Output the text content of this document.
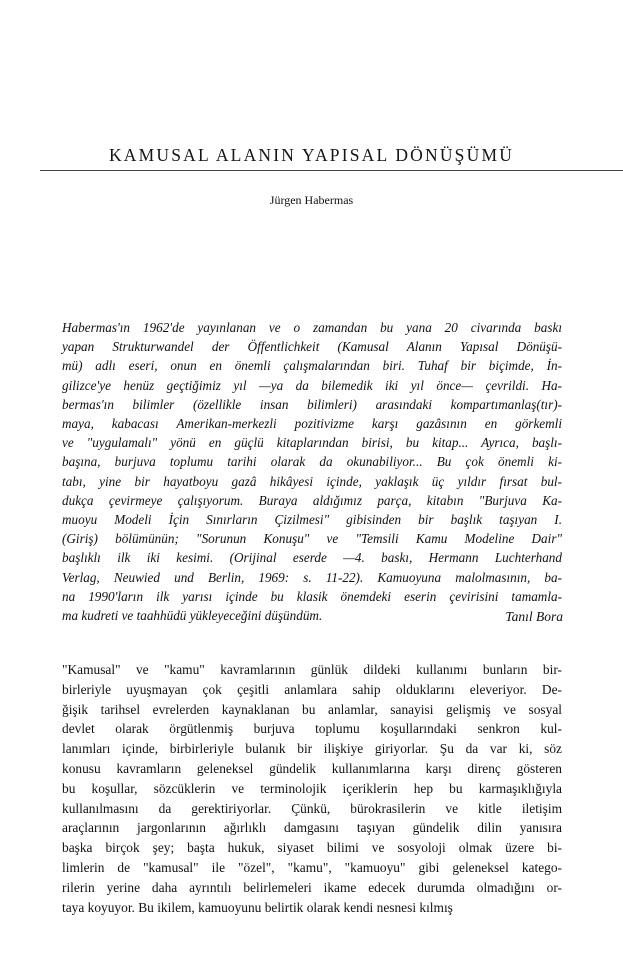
KAMUSAL ALANIN YAPISAL DÖNÜŞÜMÜ
Jürgen Habermas
Habermas'ın 1962'de yayınlanan ve o zamandan bu yana 20 civarında baskı
yapan Strukturwandel der Öffentlichkeit (Kamusal Alanın Yapısal Dönüşü-
mü) adlı eseri, onun en önemli çalışmalarından biri. Tuhaf bir biçimde, İn-
gilizce'ye henüz geçtiğimiz yıl —ya da bilemedik iki yıl önce— çevrildi. Ha-
bermas'ın bilimler (özellikle insan bilimleri) arasındaki kompartımanlaş(tır)-
maya, kabacası Amerikan-merkezli pozitivizme karşı gazâsının en görkemli
ve "uygulamalı" yönü en güçlü kitaplarından birisi, bu kitap... Ayrıca, başlı-
başına, burjuva toplumu tarihi olarak da okunabiliyor... Bu çok önemli ki-
tabı, yine bir hayatboyu gazâ hikâyesi içinde, yaklaşık üç yıldır fırsat bul-
dukça çevirmeye çalışıyorum. Buraya aldığımız parça, kitabın "Burjuva Ka-
muoyu Modeli İçin Sınırların Çizilmesi" gibisinden bir başlık taşıyan I.
(Giriş) bölümünün; "Sorunun Konuşu" ve "Temsili Kamu Modeline Dair"
başlıklı ilk iki kesimi. (Orijinal eserde —4. baskı, Hermann Luchterhand
Verlag, Neuwied und Berlin, 1969: s. 11-22). Kamuoyuna malolmasının, ba-
na 1990'ların ilk yarısı içinde bu klasik önemdeki eserin çevirisini tamamla-
ma kudreti ve taahhüdü yükleyeceğini düşündüm.	Tanıl Bora
"Kamusal" ve "kamu" kavramlarının günlük dildeki kullanımı bunların bir-
birleriyle uyuşmayan çok çeşitli anlamlara sahip olduklarını eleveriyor. De-
ğişik tarihsel evrelerden kaynaklanan bu anlamlar, sanayisi gelişmiş ve sosyal
devlet olarak örgütlenmiş burjuva toplumu koşullarındaki senkron kul-
lanımları içinde, birbirleriyle bulanık bir ilişkiye giriyorlar. Şu da var ki, söz
konusu kavramların geleneksel gündelik kullanımlarına karşı direnç gösteren
bu koşullar, sözcüklerin ve terminolojik içeriklerin hep bu karmaşıklığıyla
kullanılmasını da gerektiriyorlar. Çünkü, bürokrasilerin ve kitle iletişim
araçlarının jargonlarının ağırlıklı damgasını taşıyan gündelik dilin yanısıra
başka birçok şey; başta hukuk, siyaset bilimi ve sosyoloji olmak üzere bi-
limlerin de "kamusal" ile "özel", "kamu", "kamuoyu" gibi geleneksel katego-
rilerin yerine daha ayrıntılı belirlemeleri ikame edecek durumda olmadığını or-
taya koyuyor. Bu ikilem, kamuoyunu belirtik olarak kendi nesnesi kılmış
